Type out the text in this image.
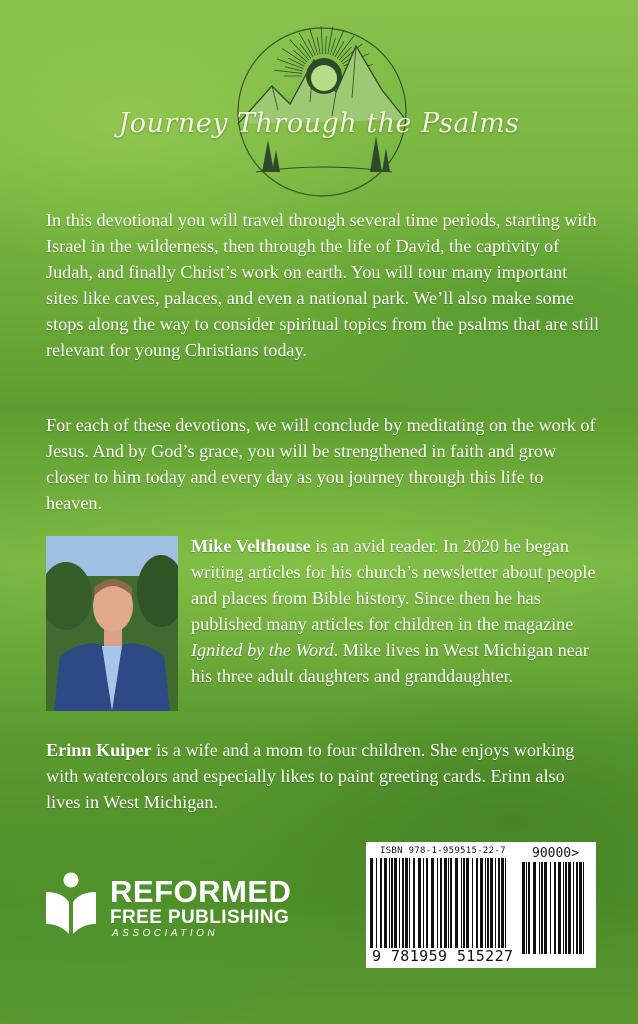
Journey Through the Psalms

In this devotional you will travel through several time periods, starting with Israel in the wilderness, then through the life of David, the captivity of Judah, and finally Christ’s work on earth. You will tour many important sites like caves, palaces, and even a national park. We’ll also make some stops along the way to consider spiritual topics from the psalms that are still relevant for young Christians today.

For each of these devotions, we will conclude by meditating on the work of Jesus. And by God’s grace, you will be strengthened in faith and grow closer to him today and every day as you journey through this life to heaven.

Mike Velthouse is an avid reader. In 2020 he began writing articles for his church’s newsletter about people and places from Bible history. Since then he has published many articles for children in the magazine Ignited by the Word. Mike lives in West Michigan near his three adult daughters and granddaughter.

Erinn Kuiper is a wife and a mom to four children. She enjoys working with watercolors and especially likes to paint greeting cards. Erinn also lives in West Michigan.

REFORMED
FREE PUBLISHING
ASSOCIATION
ISBN 978-1-959515-22-7 90000>
9 781959 515227
